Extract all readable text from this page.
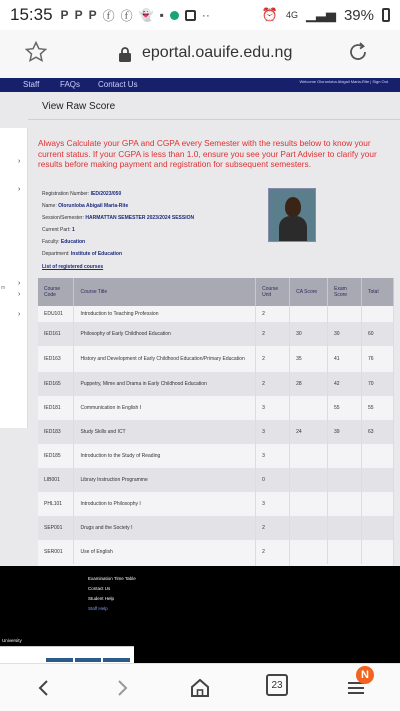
15:35 P P P ⓕ ⓕ 👻 ▪	··	⏰ 4G ▁▃▅ 39%
eportal.oauife.edu.ng
Staff	FAQs Contact Us	Welcome Olorunloba Abigail Maria-Rite | Sign Out
›
›
m
›
›
›
View Raw Score
Always Calculate your GPA and CGPA every Semester with the results below to know your current status. If your CGPA is less than 1.0, ensure you see your Part Adviser to clarify your results before making payment and registration for subsequent semesters.
Registration Number: IED/2023/050
Name: Olorunloba Abigail Maria-Rite
Session/Semester: HARMATTAN SEMESTER 2023/2024 SESSION
Current Part: 1
Faculty: Education
Department: Institute of Education
List of registered courses
Course Code	Course Title	Course Unit	CA Score	Exam Score	Total
EDU101	Introduction to Teaching Profession	2			
IED161	Philosophy of Early Childhood Education	2	30	30	60
IED163	History and Development of Early Childhood Education/Primary Education	2	35	41	76
IED165	Puppetry, Mime and Drama in Early Childhood Education	2	28	42	70
IED181	Communication in English I	3		55	55
IED183	Study Skills and ICT	3	24	39	63
IED185	Introduction to the Study of Reading	3			
LIB001	Library Instruction Programme	0			
PHL101	Introduction to Philosophy I	3			
SEP001	Drugs and the Society I	2			
SER001	Use of English	2			

Examination Time Table
Contact Us
Student Help
Staff Help
University
23
N
